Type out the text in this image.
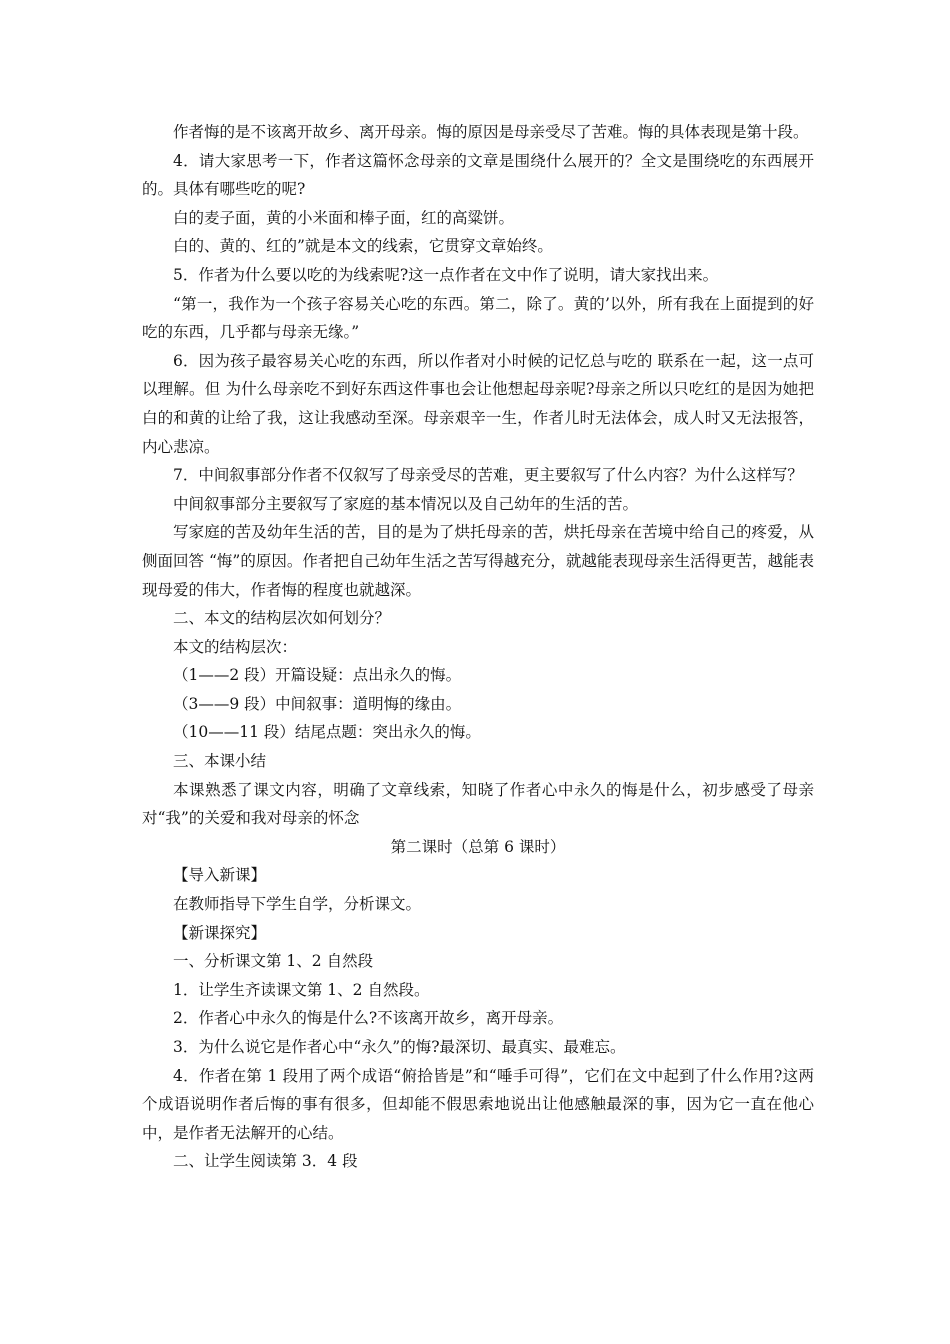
作者悔的是不该离开故乡、离开母亲。悔的原因是母亲受尽了苦难。悔的具体表现是第十段。

4．请大家思考一下，作者这篇怀念母亲的文章是围绕什么展开的？全文是围绕吃的东西展开的。具体有哪些吃的呢?

白的麦子面，黄的小米面和棒子面，红的高粱饼。

白的、黄的、红的”就是本文的线索，它贯穿文章始终。

5．作者为什么要以吃的为线索呢?这一点作者在文中作了说明，请大家找出来。

“第一，我作为一个孩子容易关心吃的东西。第二，除了。黄的’以外，所有我在上面提到的好吃的东西，几乎都与母亲无缘。”

6．因为孩子最容易关心吃的东西，所以作者对小时候的记忆总与吃的 联系在一起，这一点可以理解。但 为什么母亲吃不到好东西这件事也会让他想起母亲呢?母亲之所以只吃红的是因为她把白的和黄的让给了我，这让我感动至深。母亲艰辛一生，作者儿时无法体会，成人时又无法报答，内心悲凉。

7．中间叙事部分作者不仅叙写了母亲受尽的苦难，更主要叙写了什么内容？为什么这样写？

中间叙事部分主要叙写了家庭的基本情况以及自己幼年的生活的苦。

写家庭的苦及幼年生活的苦，目的是为了烘托母亲的苦，烘托母亲在苦境中给自己的疼爱，从侧面回答 “悔”的原因。作者把自己幼年生活之苦写得越充分，就越能表现母亲生活得更苦，越能表现母爱的伟大，作者悔的程度也就越深。

二、本文的结构层次如何划分？

本文的结构层次：

（1——2 段）开篇设疑：点出永久的悔。

（3——9 段）中间叙事：道明悔的缘由。

（10——11 段）结尾点题：突出永久的悔。

三、本课小结

本课熟悉了课文内容，明确了文章线索，知晓了作者心中永久的悔是什么，初步感受了母亲对“我”的关爱和我对母亲的怀念

第二课时（总第 6 课时）

【导入新课】

在教师指导下学生自学，分析课文。

【新课探究】

一、分析课文第 1、2 自然段

1．让学生齐读课文第 1、2 自然段。

2．作者心中永久的悔是什么?不该离开故乡，离开母亲。

3．为什么说它是作者心中“永久”的悔?最深切、最真实、最难忘。

4．作者在第 1 段用了两个成语“俯拾皆是”和“唾手可得”，它们在文中起到了什么作用?这两个成语说明作者后悔的事有很多，但却能不假思索地说出让他感触最深的事，因为它一直在他心中，是作者无法解开的心结。

二、让学生阅读第 3．4 段
